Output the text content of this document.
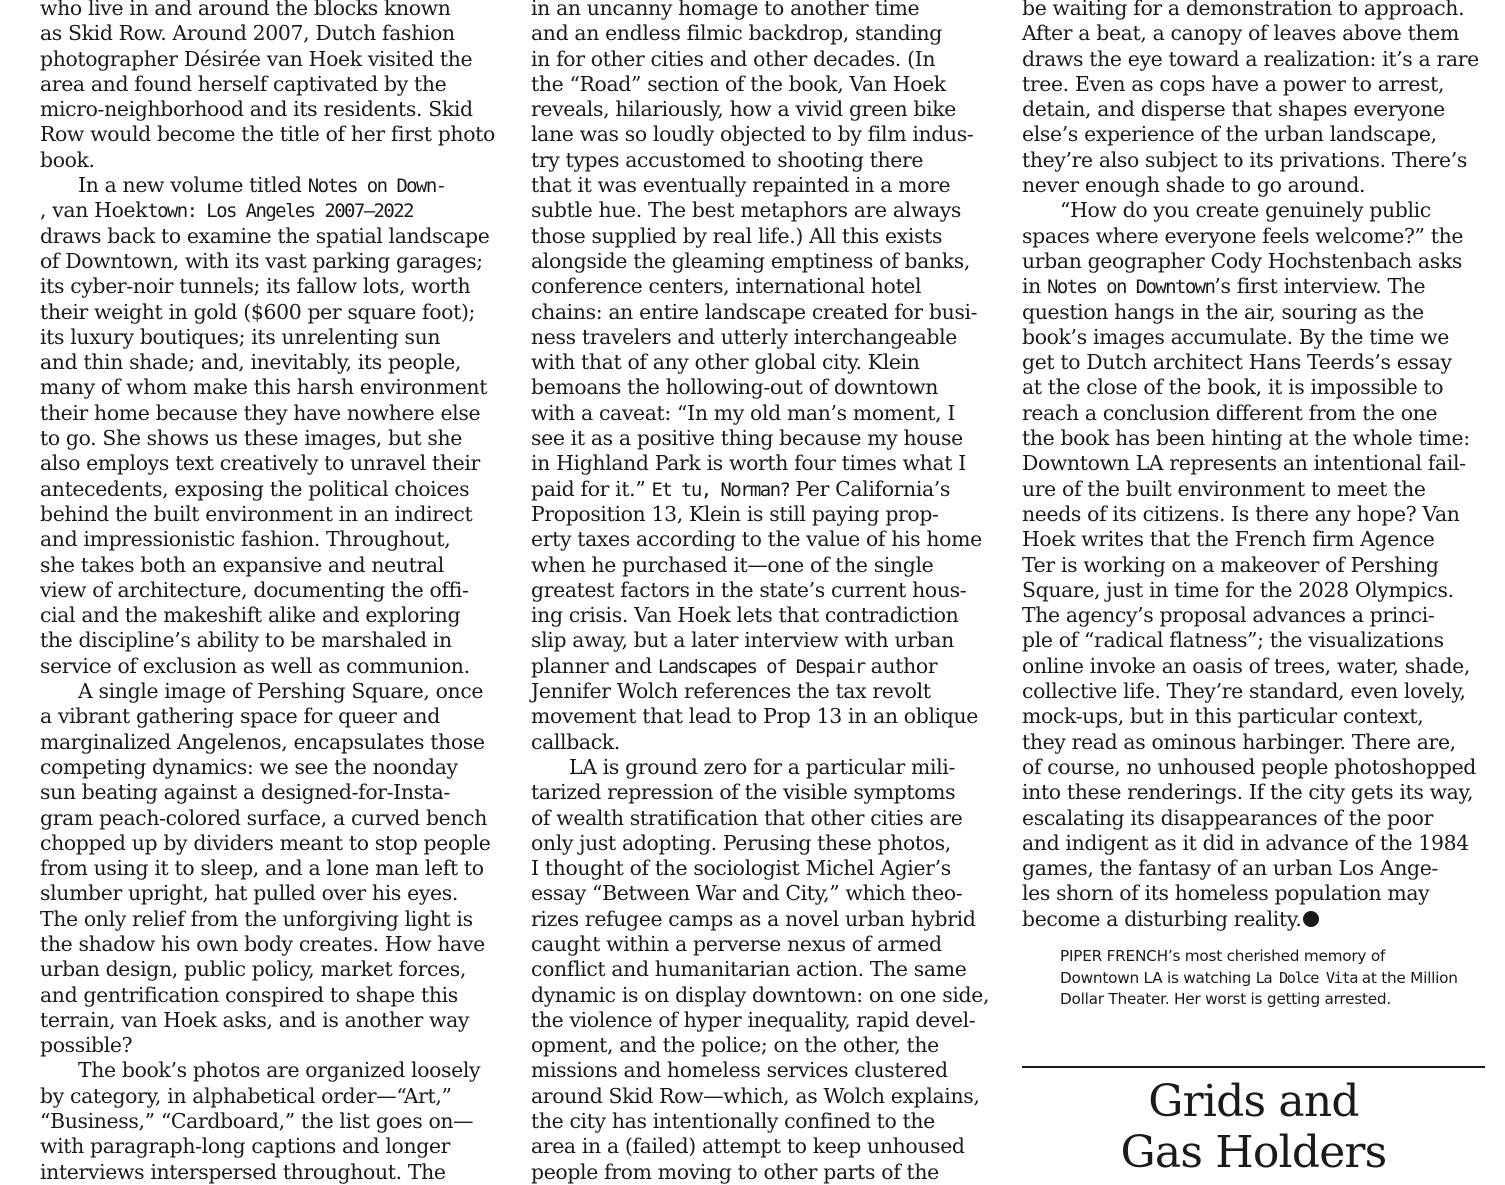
who live in and around the blocks known
as Skid Row. Around 2007, Dutch fashion
photographer Désirée van Hoek visited the
area and found herself captivated by the
micro-neighborhood and its residents. Skid
Row would become the title of her first photo
book.
In a new volume titled Notes on Down-
, van Hoektown: Los Angeles 2007–2022
draws back to examine the spatial landscape
of Downtown, with its vast parking garages;
its cyber-noir tunnels; its fallow lots, worth
their weight in gold ($600 per square foot);
its luxury boutiques; its unrelenting sun
and thin shade; and, inevitably, its people,
many of whom make this harsh environment
their home because they have nowhere else
to go. She shows us these images, but she
also employs text creatively to unravel their
antecedents, exposing the political choices
behind the built environment in an indirect
and impressionistic fashion. Throughout,
she takes both an expansive and neutral
view of architecture, documenting the offi-
cial and the makeshift alike and exploring
the discipline’s ability to be marshaled in
service of exclusion as well as communion.
A single image of Pershing Square, once
a vibrant gathering space for queer and
marginalized Angelenos, encapsulates those
competing dynamics: we see the noonday
sun beating against a designed-for-Insta-
gram peach-colored surface, a curved bench
chopped up by dividers meant to stop people
from using it to sleep, and a lone man left to
slumber upright, hat pulled over his eyes.
The only relief from the unforgiving light is
the shadow his own body creates. How have
urban design, public policy, market forces,
and gentrification conspired to shape this
terrain, van Hoek asks, and is another way
possible?
The book’s photos are organized loosely
by category, in alphabetical order—“Art,”
“Business,” “Cardboard,” the list goes on—
with paragraph-long captions and longer
interviews interspersed throughout. The
in an uncanny homage to another time
and an endless filmic backdrop, standing
in for other cities and other decades. (In
the “Road” section of the book, Van Hoek
reveals, hilariously, how a vivid green bike
lane was so loudly objected to by film indus-
try types accustomed to shooting there
that it was eventually repainted in a more
subtle hue. The best metaphors are always
those supplied by real life.) All this exists
alongside the gleaming emptiness of banks,
conference centers, international hotel
chains: an entire landscape created for busi-
ness travelers and utterly interchangeable
with that of any other global city. Klein
bemoans the hollowing-out of downtown
with a caveat: “In my old man’s moment, I
see it as a positive thing because my house
in Highland Park is worth four times what I
paid for it.” Et tu, Norman? Per California’s
Proposition 13, Klein is still paying prop-
erty taxes according to the value of his home
when he purchased it—one of the single
greatest factors in the state’s current hous-
ing crisis. Van Hoek lets that contradiction
slip away, but a later interview with urban
planner and Landscapes of Despair author
Jennifer Wolch references the tax revolt
movement that lead to Prop 13 in an oblique
callback.
LA is ground zero for a particular mili-
tarized repression of the visible symptoms
of wealth stratification that other cities are
only just adopting. Perusing these photos,
I thought of the sociologist Michel Agier’s
essay “Between War and City,” which theo-
rizes refugee camps as a novel urban hybrid
caught within a perverse nexus of armed
conflict and humanitarian action. The same
dynamic is on display downtown: on one side,
the violence of hyper inequality, rapid devel-
opment, and the police; on the other, the
missions and homeless services clustered
around Skid Row—which, as Wolch explains,
the city has intentionally confined to the
area in a (failed) attempt to keep unhoused
people from moving to other parts of the
be waiting for a demonstration to approach.
After a beat, a canopy of leaves above them
draws the eye toward a realization: it’s a rare
tree. Even as cops have a power to arrest,
detain, and disperse that shapes everyone
else’s experience of the urban landscape,
they’re also subject to its privations. There’s
never enough shade to go around.
“How do you create genuinely public
spaces where everyone feels welcome?” the
urban geographer Cody Hochstenbach asks
in Notes on Downtown’s first interview. The
question hangs in the air, souring as the
book’s images accumulate. By the time we
get to Dutch architect Hans Teerds’s essay
at the close of the book, it is impossible to
reach a conclusion different from the one
the book has been hinting at the whole time:
Downtown LA represents an intentional fail-
ure of the built environment to meet the
needs of its citizens. Is there any hope? Van
Hoek writes that the French firm Agence
Ter is working on a makeover of Pershing
Square, just in time for the 2028 Olympics.
The agency’s proposal advances a princi-
ple of “radical flatness”; the visualizations
online invoke an oasis of trees, water, shade,
collective life. They’re standard, even lovely,
mock-ups, but in this particular context,
they read as ominous harbinger. There are,
of course, no unhoused people photoshopped
into these renderings. If the city gets its way,
escalating its disappearances of the poor
and indigent as it did in advance of the 1984
games, the fantasy of an urban Los Ange-
les shorn of its homeless population may
become a disturbing reality.
PIPER FRENCH’s most cherished memory of
Downtown LA is watching La Dolce Vita at the Million
Dollar Theater. Her worst is getting arrested.
Grids and
Gas Holders
